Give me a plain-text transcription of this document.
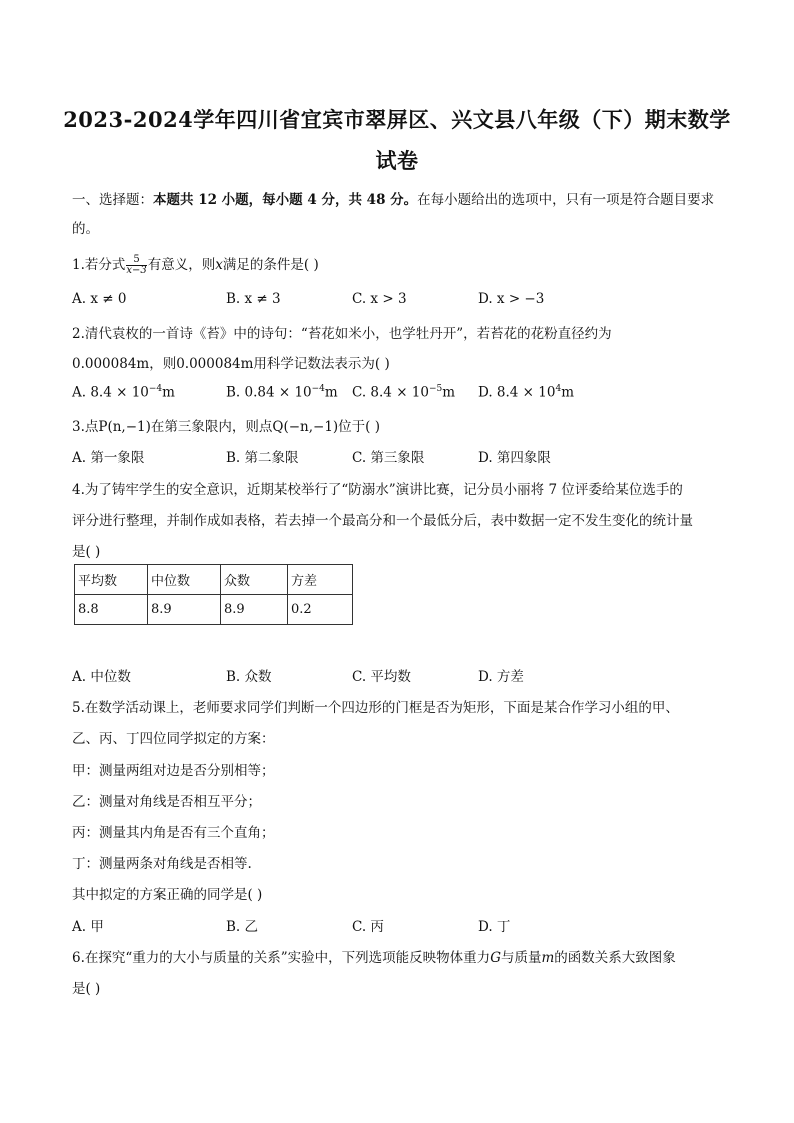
2023-2024学年四川省宜宾市翠屏区、兴文县八年级（下）期末数学
试卷
一、选择题：本题共 12 小题，每小题 4 分，共 48 分。在每小题给出的选项中，只有一项是符合题目要求
的。
1.若分式 $\frac{5}{x-3}$ 有意义，则x满足的条件是( )
A. x ≠ 0	B. x ≠ 3	C. x > 3	D. x > −3
2.清代袁枚的一首诗《苔》中的诗句：“苔花如米小，也学牡丹开”，若苔花的花粉直径约为
0.000084m，则0.000084m用科学记数法表示为( )
A. $8.4 \times 10^{-4}m$	B. $0.84 \times 10^{-4}m$ C. $8.4 \times 10^{-5}m$ D. $8.4 \times 10^4m$
3.点P(n,−1)在第三象限内，则点Q(−n,−1)位于( )
A. 第一象限	B. 第二象限	C. 第三象限	D. 第四象限
4.为了铸牢学生的安全意识，近期某校举行了“防溺水”演讲比赛，记分员小丽将 7 位评委给某位选手的
评分进行整理，并制作成如表格，若去掉一个最高分和一个最低分后，表中数据一定不发生变化的统计量
是( )
平均数	中位数	众数	方差
8.8	8.9	8.9	0.2
A. 中位数	B. 众数	C. 平均数	D. 方差
5.在数学活动课上，老师要求同学们判断一个四边形的门框是否为矩形，下面是某合作学习小组的甲、
乙、丙、丁四位同学拟定的方案：
甲：测量两组对边是否分别相等；
乙：测量对角线是否相互平分；
丙：测量其内角是否有三个直角；
丁：测量两条对角线是否相等.
其中拟定的方案正确的同学是( )
A. 甲	B. 乙	C. 丙	D. 丁
6.在探究“重力的大小与质量的关系”实验中，下列选项能反映物体重力G与质量m的函数关系大致图象
是( )
